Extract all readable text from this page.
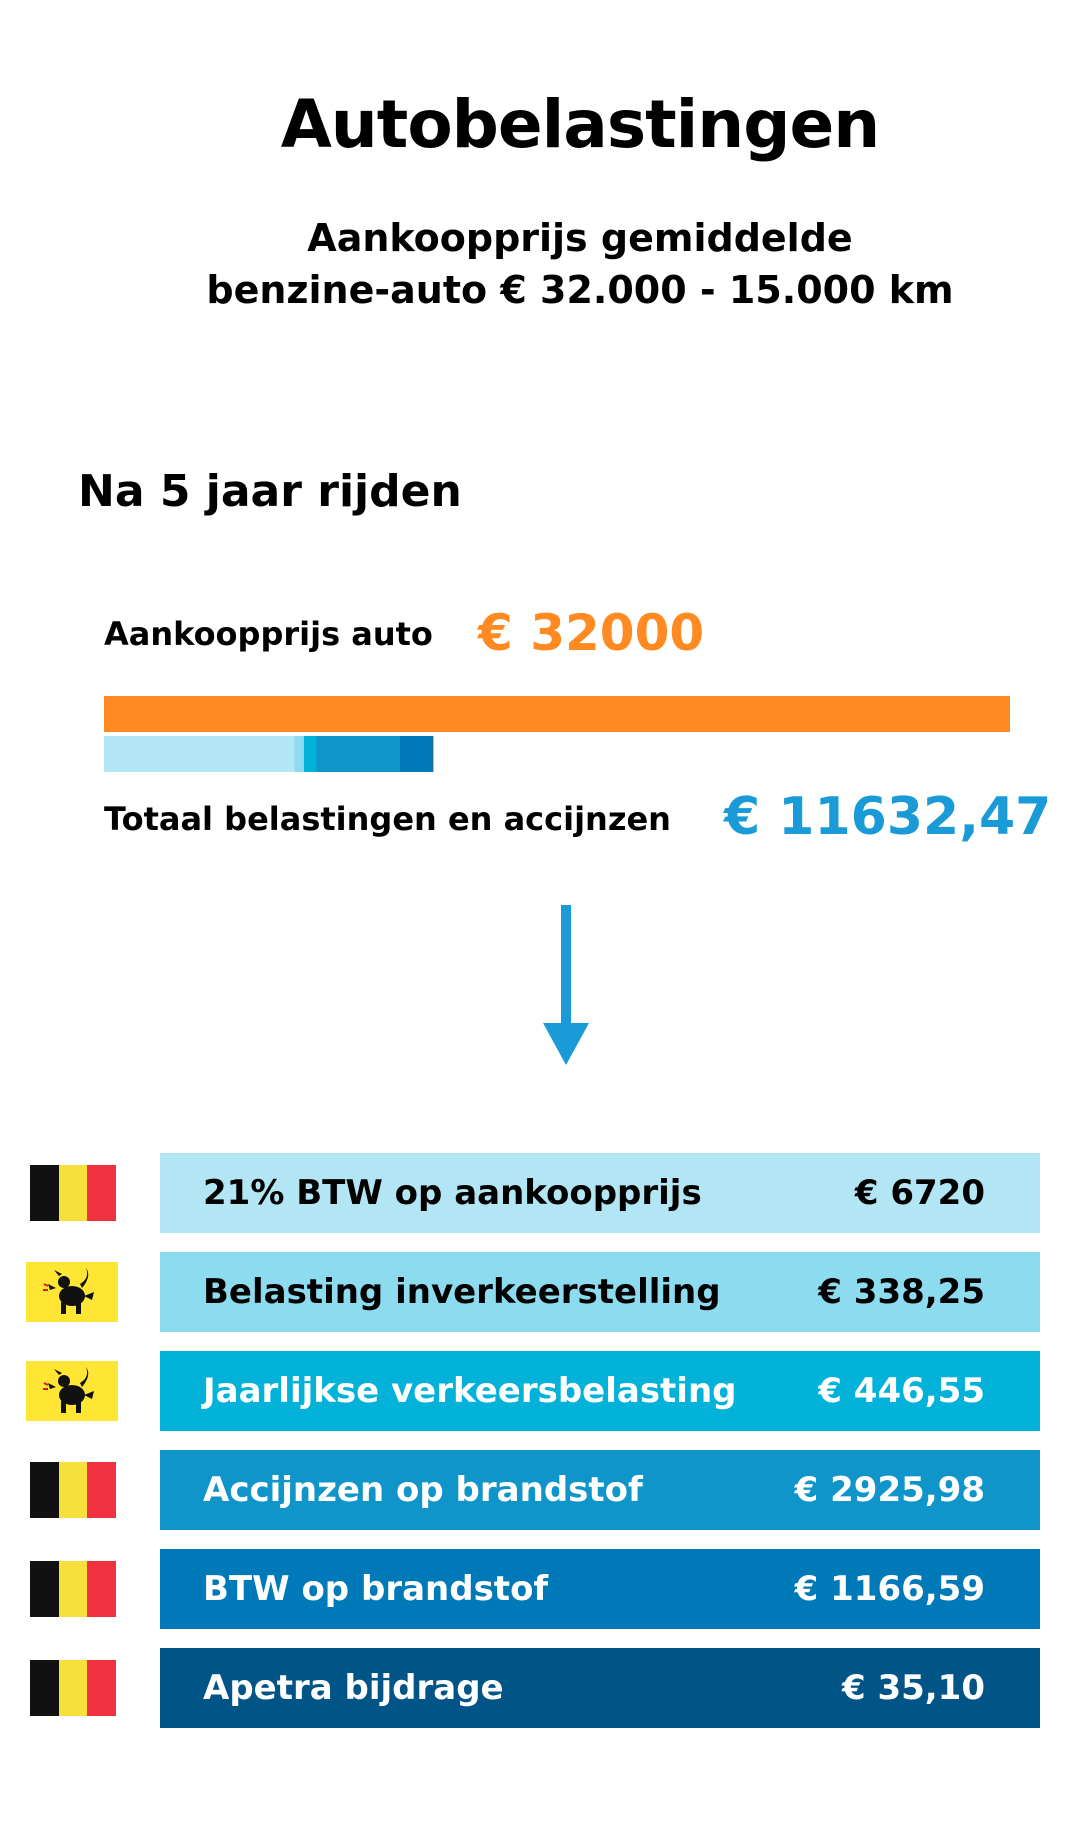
Autobelastingen
Aankoopprijs gemiddelde
benzine-auto € 32.000 - 15.000 km
Na 5 jaar rijden
Aankoopprijs auto € 32000
Totaal belastingen en accijnzen € 11632,47
21% BTW op aankoopprijs	€ 6720
Belasting inverkeerstelling	€ 338,25
Jaarlijkse verkeersbelasting € 446,55
Accijnzen op brandstof	€ 2925,98
BTW op brandstof	€ 1166,59
Apetra bijdrage	€ 35,10
